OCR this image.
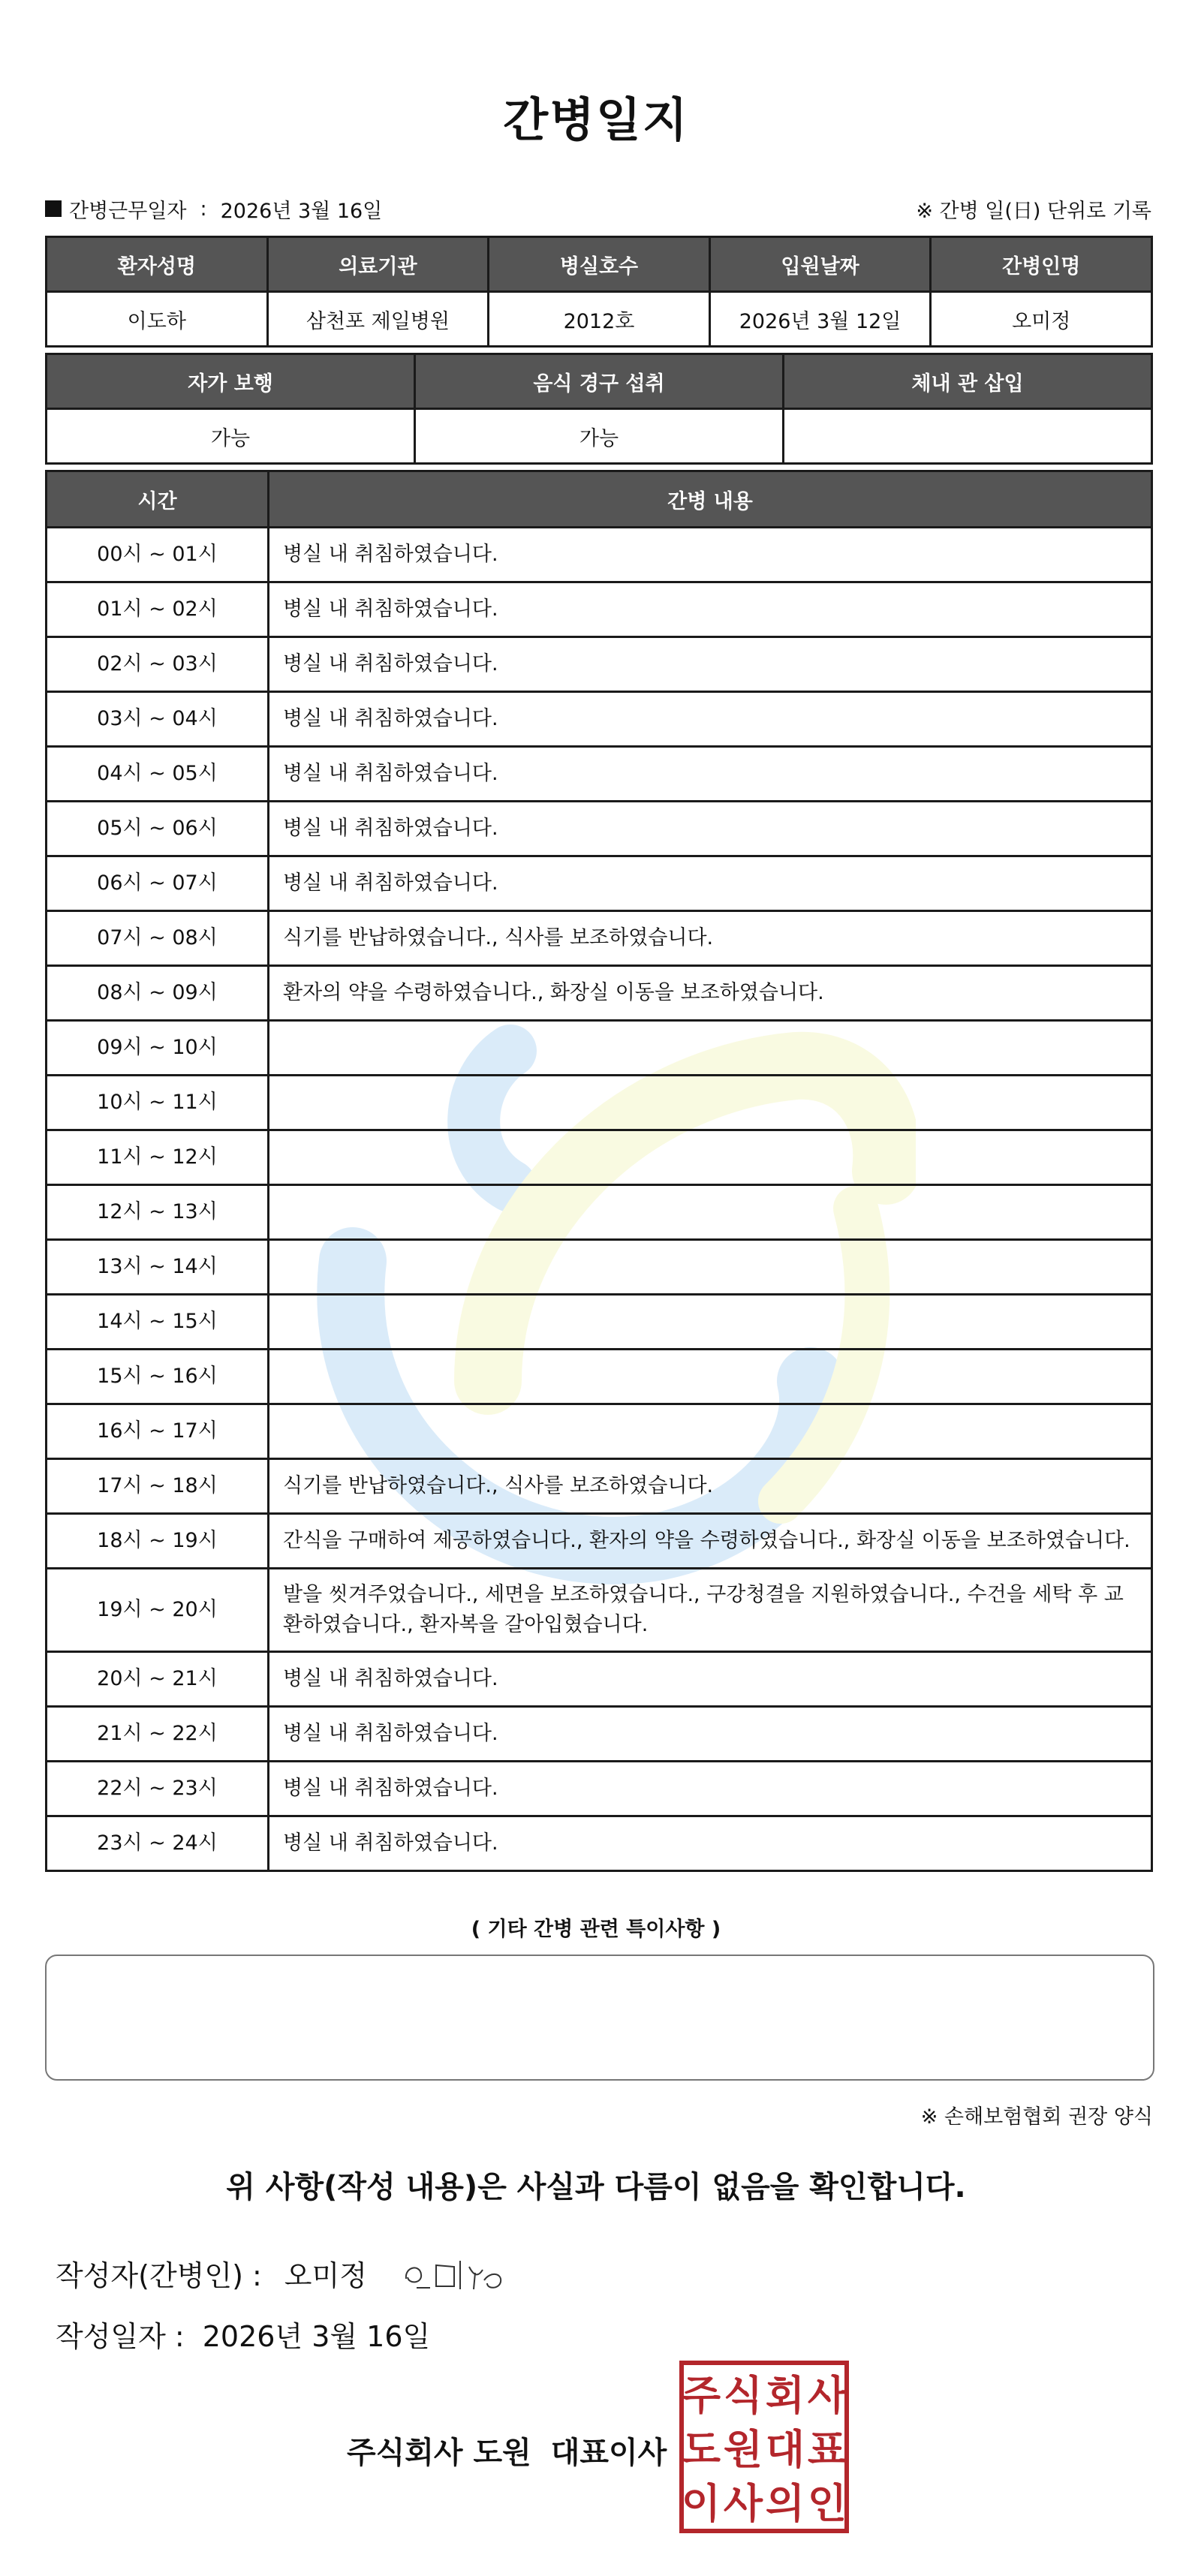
간병일지
간병근무일자 : 2026년 3월 16일	※ 간병 일(日) 단위로 기록
환자성명	의료기관	병실호수	입원날짜	간병인명
이도하	삼천포 제일병원	2012호	2026년 3월 12일	오미정
자가 보행	음식 경구 섭취	체내 관 삽입
가능	가능	
시간	간병 내용
00시 ~ 01시	병실 내 취침하였습니다.
01시 ~ 02시	병실 내 취침하였습니다.
02시 ~ 03시	병실 내 취침하였습니다.
03시 ~ 04시	병실 내 취침하였습니다.
04시 ~ 05시	병실 내 취침하였습니다.
05시 ~ 06시	병실 내 취침하였습니다.
06시 ~ 07시	병실 내 취침하였습니다.
07시 ~ 08시	식기를 반납하였습니다., 식사를 보조하였습니다.
08시 ~ 09시	환자의 약을 수령하였습니다., 화장실 이동을 보조하였습니다.
09시 ~ 10시	
10시 ~ 11시	
11시 ~ 12시	
12시 ~ 13시	
13시 ~ 14시	
14시 ~ 15시	
15시 ~ 16시	
16시 ~ 17시	
17시 ~ 18시	식기를 반납하였습니다., 식사를 보조하였습니다.
18시 ~ 19시	간식을 구매하여 제공하였습니다., 환자의 약을 수령하였습니다., 화장실 이동을 보조하였습니다.
19시 ~ 20시	발을 씻겨주었습니다., 세면을 보조하였습니다., 구강청결을 지원하였습니다., 수건을 세탁 후 교환하였습니다., 환자복을 갈아입혔습니다.
20시 ~ 21시	병실 내 취침하였습니다.
21시 ~ 22시	병실 내 취침하였습니다.
22시 ~ 23시	병실 내 취침하였습니다.
23시 ~ 24시	병실 내 취침하였습니다.
( 기타 간병 관련 특이사항 )
※ 손해보험협회 권장 양식
위 사항(작성 내용)은 사실과 다름이 없음을 확인합니다.
작성자(간병인) : 오미정
작성일자 : 2026년 3월 16일
주식회사 도원 대표이사
주 식 회 사
도 원 대 표
이 사 의 인
